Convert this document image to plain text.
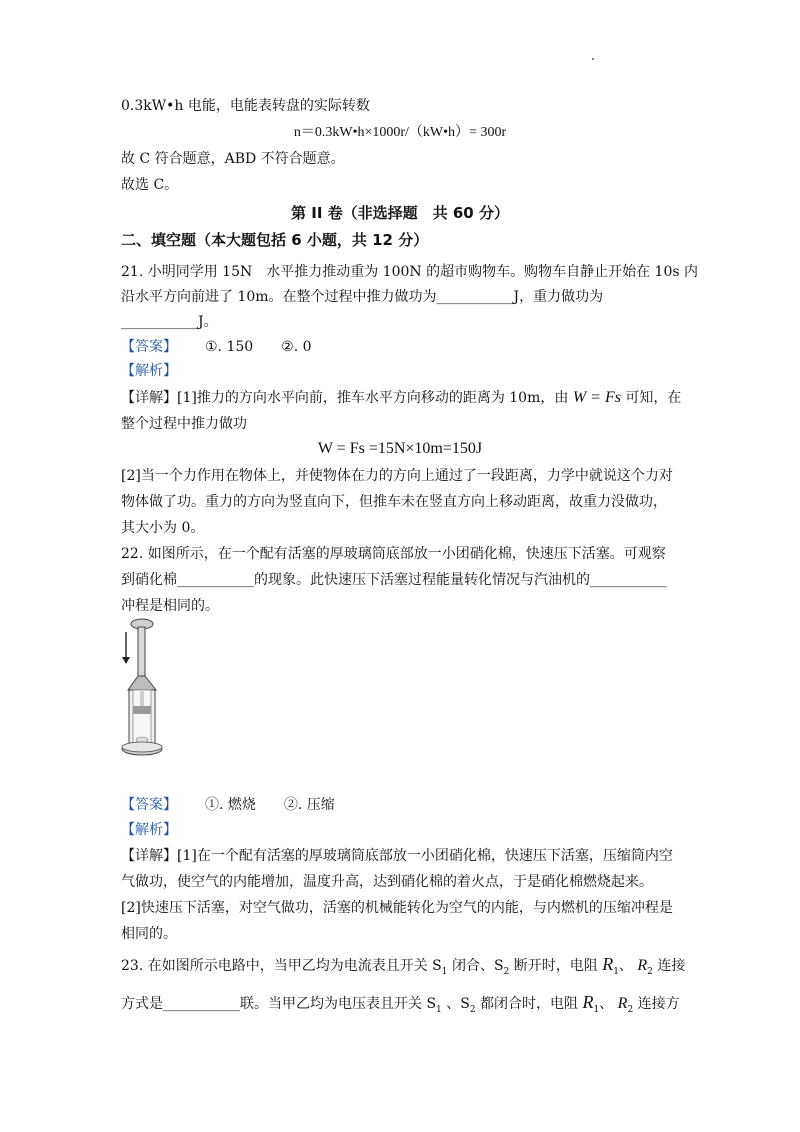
0.3kW•h 电能，电能表转盘的实际转数
n＝0.3kW•h×1000r/（kW•h）= 300r
故 C 符合题意，ABD 不符合题意。
故选 C。
第 II 卷（非选择题　共 60 分）
二、填空题（本大题包括 6 小题，共 12 分）
21. 小明同学用 15N　水平推力推动重为 100N 的超市购物车。购物车自静止开始在 10s 内
沿水平方向前进了 10m。在整个过程中推力做功为___________J，重力做功为
___________J。
【答案】 ①. 150　　②. 0
【解析】
【详解】[1]推力的方向水平向前，推车水平方向移动的距离为 10m，由 W = Fs 可知，在
整个过程中推力做功
W = Fs =15N×10m=150J
[2]当一个力作用在物体上，并使物体在力的方向上通过了一段距离，力学中就说这个力对
物体做了功。重力的方向为竖直向下，但推车未在竖直方向上移动距离，故重力没做功，
其大小为 0。
22. 如图所示，在一个配有活塞的厚玻璃筒底部放一小团硝化棉，快速压下活塞。可观察
到硝化棉___________的现象。此快速压下活塞过程能量转化情况与汽油机的___________
冲程是相同的。
【答案】 ①. 燃烧　　②. 压缩
【解析】
【详解】[1]在一个配有活塞的厚玻璃筒底部放一小团硝化棉，快速压下活塞，压缩筒内空
气做功，使空气的内能增加，温度升高，达到硝化棉的着火点，于是硝化棉燃烧起来。
[2]快速压下活塞，对空气做功，活塞的机械能转化为空气的内能，与内燃机的压缩冲程是
相同的。
23. 在如图所示电路中，当甲乙均为电流表且开关 $S_1$ 闭合、$S_2$ 断开时，电阻 $R_1$、 $R_2$ 连接
方式是___________联。当甲乙均为电压表且开关 $S_1$ 、$S_2$ 都闭合时，电阻 $R_1$、 $R_2$ 连接方
